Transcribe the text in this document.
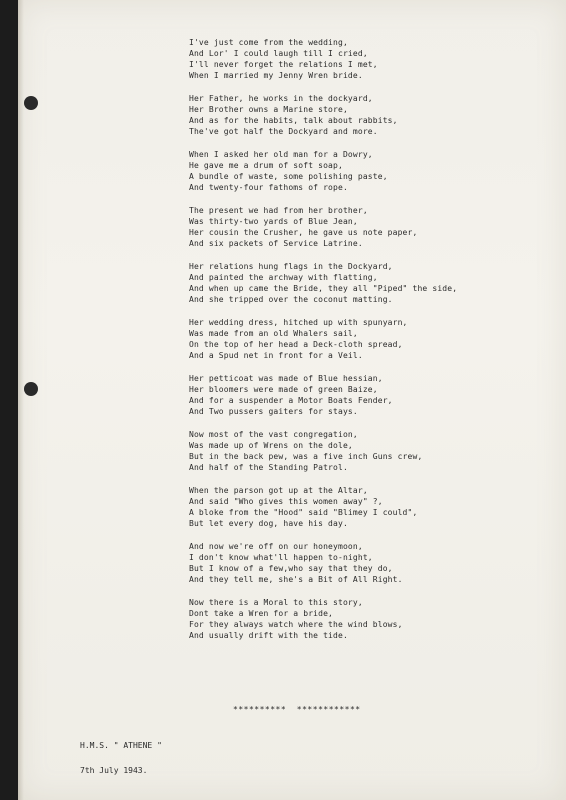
I've just come from the wedding,
And Lor' I could laugh till I cried,
I'll never forget the relations I met,
When I married my Jenny Wren bride.
Her Father, he works in the dockyard,
Her Brother owns a Marine store,
And as for the habits, talk about rabbits,
The've got half the Dockyard and more.
When I asked her old man for a Dowry,
He gave me a drum of soft soap,
A bundle of waste, some polishing paste,
And twenty-four fathoms of rope.
The present we had from her brother,
Was thirty-two yards of Blue Jean,
Her cousin the Crusher, he gave us note paper,
And six packets of Service Latrine.
Her relations hung flags in the Dockyard,
And painted the archway with flatting,
And when up came the Bride, they all "Piped" the side,
And she tripped over the coconut matting.
Her wedding dress, hitched up with spunyarn,
Was made from an old Whalers sail,
On the top of her head a Deck-cloth spread,
And a Spud net in front for a Veil.
Her petticoat was made of Blue hessian,
Her bloomers were made of green Baize,
And for a suspender a Motor Boats Fender,
And Two pussers gaiters for stays.
Now most of the vast congregation,
Was made up of Wrens on the dole,
But in the back pew, was a five inch Guns crew,
And half of the Standing Patrol.
When the parson got up at the Altar,
And said "Who gives this women away" ?,
A bloke from the "Hood" said "Blimey I could",
But let every dog, have his day.
And now we're off on our honeymoon,
I don't know what'll happen to-night,
But I know of a few,who say that they do,
And they tell me, she's a Bit of All Right.
Now there is a Moral to this story,
Dont take a Wren for a bride,
For they always watch where the wind blows,
And usually drift with the tide.
**********  ************
H.M.S. " ATHENE "
7th July 1943.
